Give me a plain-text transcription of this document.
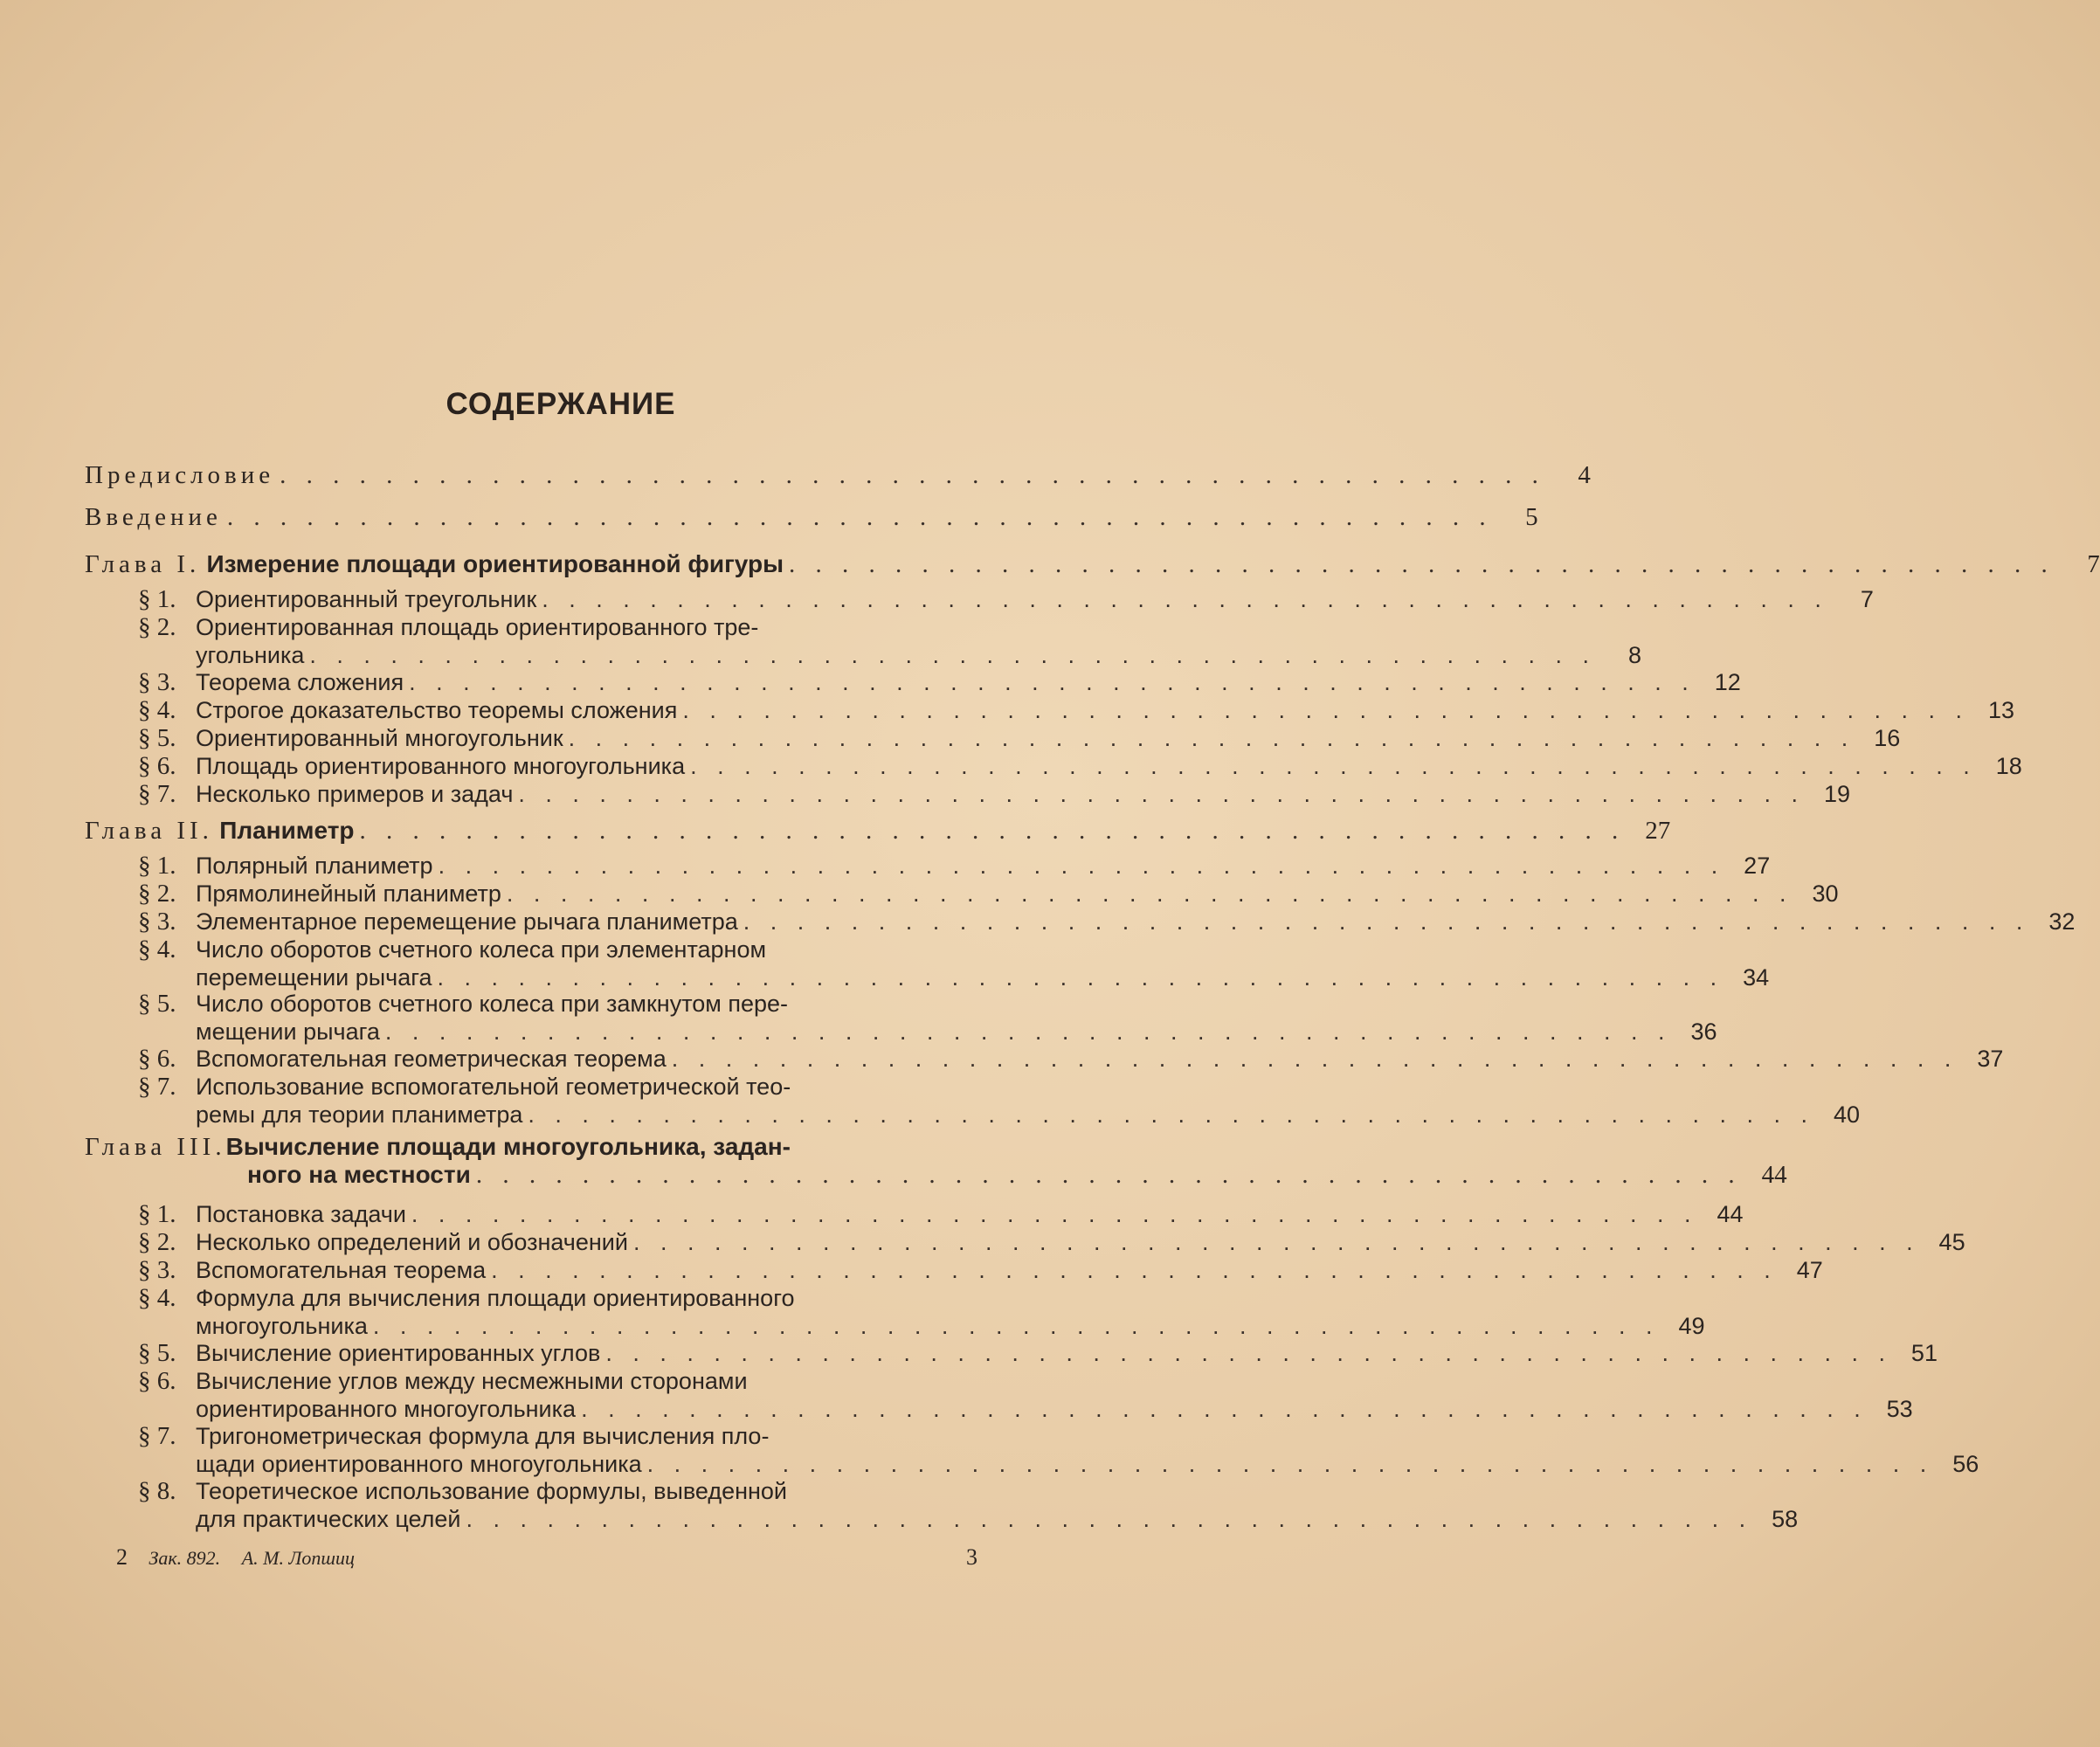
СОДЕРЖАНИЕ
Предисловие . . . . . . . . . . . . . . . . . . . . . . . . . . . . . . . . . . . . . . . . . . . . . . . .	4
Введение . . . . . . . . . . . . . . . . . . . . . . . . . . . . . . . . . . . . . . . . . . . . . . . .	5
Глава I. Измерение площади ориентированной фигуры . . . . . . . . . . . . . . . . . . . . . . . . . . . . . . . . . . . . . . . . . . . . . . . .	7
§ 1. Ориентированный треугольник . . . . . . . . . . . . . . . . . . . . . . . . . . . . . . . . . . . . . . . . . . . . . . . .	7
§ 2. Ориентированная площадь ориентированного тре-
угольника . . . . . . . . . . . . . . . . . . . . . . . . . . . . . . . . . . . . . . . . . . . . . . . .	8
§ 3. Теорема сложения . . . . . . . . . . . . . . . . . . . . . . . . . . . . . . . . . . . . . . . . . . . . . . . . 12
§ 4. Строгое доказательство теоремы сложения . . . . . . . . . . . . . . . . . . . . . . . . . . . . . . . . . . . . . . . . . . . . . . . . 13
§ 5. Ориентированный многоугольник . . . . . . . . . . . . . . . . . . . . . . . . . . . . . . . . . . . . . . . . . . . . . . . . 16
§ 6. Площадь ориентированного многоугольника . . . . . . . . . . . . . . . . . . . . . . . . . . . . . . . . . . . . . . . . . . . . . . . . 18
§ 7. Несколько примеров и задач . . . . . . . . . . . . . . . . . . . . . . . . . . . . . . . . . . . . . . . . . . . . . . . . 19
Глава II. Планиметр . . . . . . . . . . . . . . . . . . . . . . . . . . . . . . . . . . . . . . . . . . . . . . . . 27
§ 1. Полярный планиметр . . . . . . . . . . . . . . . . . . . . . . . . . . . . . . . . . . . . . . . . . . . . . . . . 27
§ 2. Прямолинейный планиметр . . . . . . . . . . . . . . . . . . . . . . . . . . . . . . . . . . . . . . . . . . . . . . . . 30
§ 3. Элементарное перемещение рычага планиметра . . . . . . . . . . . . . . . . . . . . . . . . . . . . . . . . . . . . . . . . . . . . . . . . 32
§ 4. Число оборотов счетного колеса при элементарном
перемещении рычага . . . . . . . . . . . . . . . . . . . . . . . . . . . . . . . . . . . . . . . . . . . . . . . . 34
§ 5. Число оборотов счетного колеса при замкнутом пере-
мещении рычага . . . . . . . . . . . . . . . . . . . . . . . . . . . . . . . . . . . . . . . . . . . . . . . . 36
§ 6. Вспомогательная геометрическая теорема . . . . . . . . . . . . . . . . . . . . . . . . . . . . . . . . . . . . . . . . . . . . . . . . 37
§ 7. Использование вспомогательной геометрической тео-
ремы для теории планиметра . . . . . . . . . . . . . . . . . . . . . . . . . . . . . . . . . . . . . . . . . . . . . . . . 40
Глава III. Вычисление площади многоугольника, задан-
ного на местности . . . . . . . . . . . . . . . . . . . . . . . . . . . . . . . . . . . . . . . . . . . . . . . . 44
§ 1. Постановка задачи . . . . . . . . . . . . . . . . . . . . . . . . . . . . . . . . . . . . . . . . . . . . . . . . 44
§ 2. Несколько определений и обозначений . . . . . . . . . . . . . . . . . . . . . . . . . . . . . . . . . . . . . . . . . . . . . . . . 45
§ 3. Вспомогательная теорема . . . . . . . . . . . . . . . . . . . . . . . . . . . . . . . . . . . . . . . . . . . . . . . . 47
§ 4. Формула для вычисления площади ориентированного
многоугольника . . . . . . . . . . . . . . . . . . . . . . . . . . . . . . . . . . . . . . . . . . . . . . . . 49
§ 5. Вычисление ориентированных углов . . . . . . . . . . . . . . . . . . . . . . . . . . . . . . . . . . . . . . . . . . . . . . . . 51
§ 6. Вычисление углов между несмежными сторонами
ориентированного многоугольника . . . . . . . . . . . . . . . . . . . . . . . . . . . . . . . . . . . . . . . . . . . . . . . . 53
§ 7. Тригонометрическая формула для вычисления пло-
щади ориентированного многоугольника . . . . . . . . . . . . . . . . . . . . . . . . . . . . . . . . . . . . . . . . . . . . . . . . 56
§ 8. Теоретическое использование формулы, выведенной
для практических целей . . . . . . . . . . . . . . . . . . . . . . . . . . . . . . . . . . . . . . . . . . . . . . . . 58
2 Зак. 892. А. М. Лопшиц	3
